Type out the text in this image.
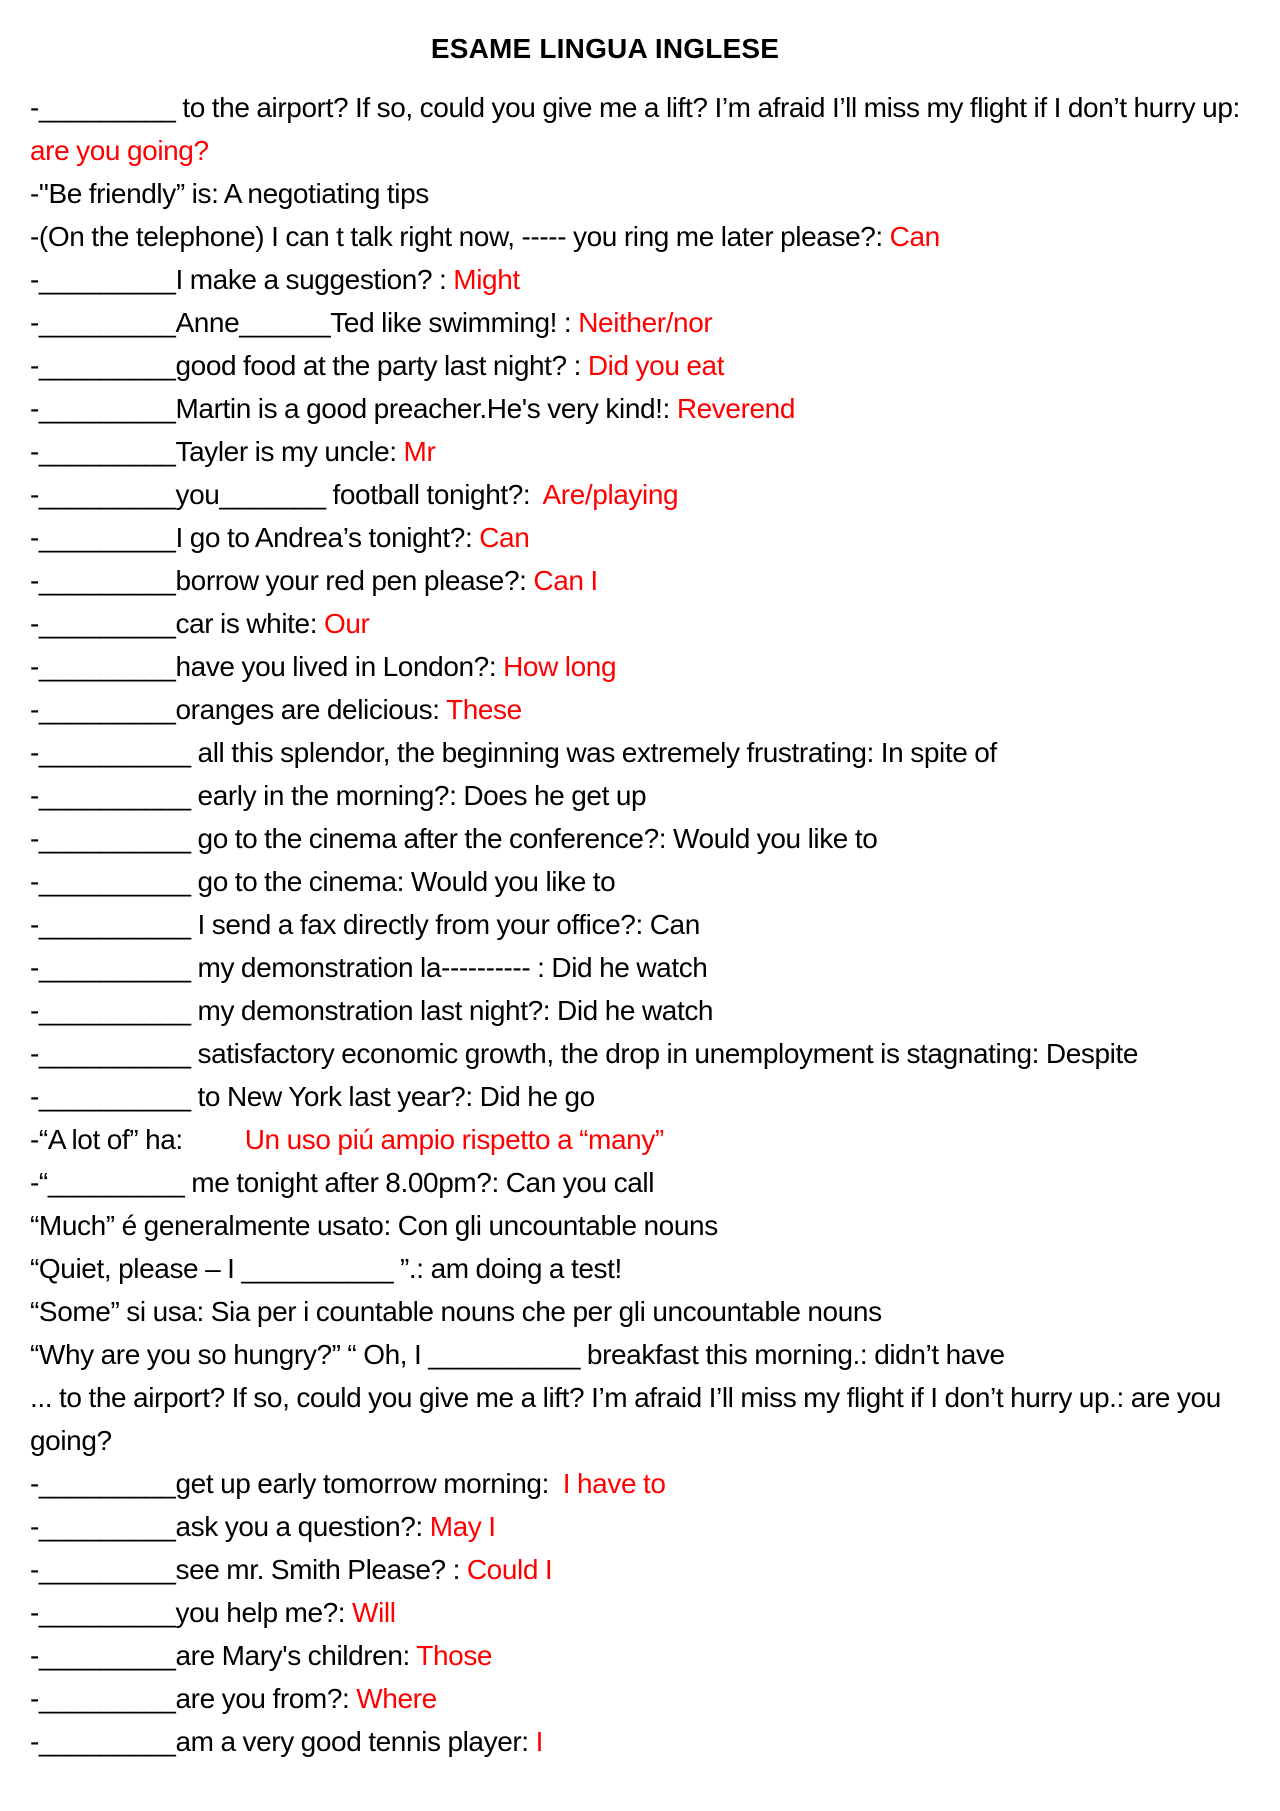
ESAME LINGUA INGLESE
-_________ to the airport? If so, could you give me a lift? I’m afraid I’ll miss my flight if I don’t hurry up: are you going?
-"Be friendly” is: A negotiating tips
-(On the telephone) I can t talk right now, ----- you ring me later please?: Can
-_________I make a suggestion? : Might
-_________Anne______Ted like swimming! : Neither/nor
-_________good food at the party last night? : Did you eat
-_________Martin is a good preacher.He's very kind!: Reverend
-_________Tayler is my uncle: Mr
-_________you_______ football tonight?:  Are/playing
-_________I go to Andrea’s tonight?: Can
-_________borrow your red pen please?: Can I
-_________car is white: Our
-_________have you lived in London?: How long
-_________oranges are delicious: These
-__________ all this splendor, the beginning was extremely frustrating: In spite of
-__________ early in the morning?: Does he get up
-__________ go to the cinema after the conference?: Would you like to
-__________ go to the cinema: Would you like to
-__________ I send a fax directly from your office?: Can
-__________ my demonstration la---------- : Did he watch
-__________ my demonstration last night?: Did he watch
-__________ satisfactory economic growth, the drop in unemployment is stagnating: Despite
-__________ to New York last year?: Did he go
-“A lot of” ha:         Un uso piú ampio rispetto a “many”
-“_________ me tonight after 8.00pm?: Can you call
“Much” é generalmente usato: Con gli uncountable nouns
“Quiet, please – I __________ ”.: am doing a test!
“Some” si usa: Sia per i countable nouns che per gli uncountable nouns
“Why are you so hungry?” “ Oh, I __________ breakfast this morning.: didn’t have
... to the airport? If so, could you give me a lift? I’m afraid I’ll miss my flight if I don’t hurry up.: are you going?
-_________get up early tomorrow morning:  I have to
-_________ask you a question?: May I
-_________see mr. Smith Please? : Could I
-_________you help me?: Will
-_________are Mary's children: Those
-_________are you from?: Where
-_________am a very good tennis player: I
